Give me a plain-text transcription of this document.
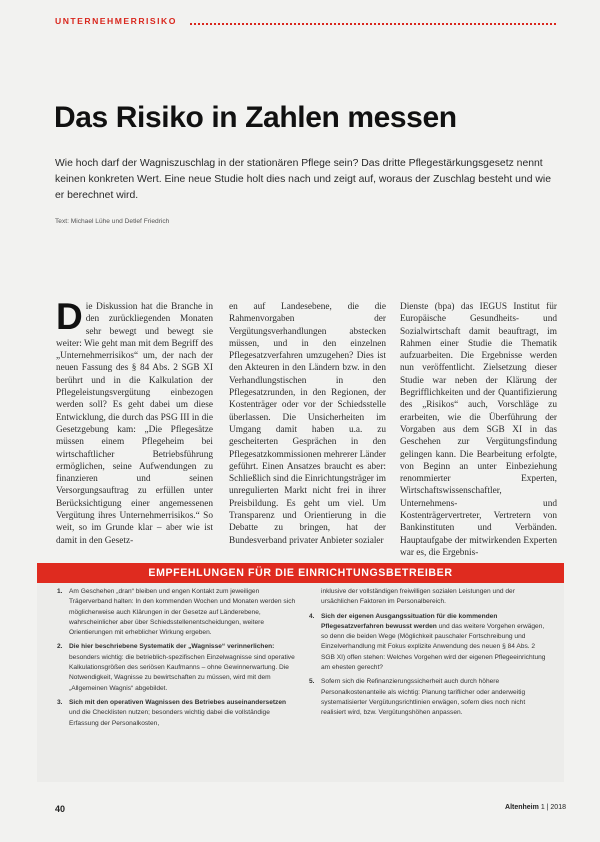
UNTERNEHMERRISIKO
Das Risiko in Zahlen messen

Wie hoch darf der Wagniszuschlag in der stationären Pflege sein? Das dritte Pflegestärkungsgesetz nennt keinen konkreten Wert. Eine neue Studie holt dies nach und zeigt auf, woraus der Zuschlag besteht und wie er berechnet wird.

Text: Michael Lühe und Detlef Friedrich

Die Diskussion hat die Branche in den zurückliegenden Monaten sehr bewegt und bewegt sie weiter: Wie geht man mit dem Begriff des „Unternehmerrisikos“ um, der nach der neuen Fassung des § 84 Abs. 2 SGB XI berührt und in die Kalkulation der Pflegeleistungsvergütung einbezogen werden soll? Es geht dabei um diese Entwicklung, die durch das PSG III in die Gesetzgebung kam: „Die Pflegesätze müssen einem Pflegeheim bei wirtschaftlicher Betriebsführung ermöglichen, seine Aufwendungen zu finanzieren und seinen Versorgungsauftrag zu erfüllen unter Berücksichtigung einer angemessenen Vergütung ihres Unternehmerrisikos.“ So weit, so im Grunde klar – aber wie ist damit in den Gesetz-
en auf Landesebene, die die Rahmenvorgaben der Vergütungsverhandlungen abstecken müssen, und in den einzelnen Pflegesatzverfahren umzugehen? Dies ist den Akteuren in den Ländern bzw. in den Verhandlungstischen in den Pflegesatzrunden, in den Regionen, der Kostenträger oder vor der Schiedsstelle überlassen. Die Unsicherheiten im Umgang damit haben u.a. zu gescheiterten Gesprächen in den Pflegesatzkommissionen mehrerer Länder geführt. Einen Ansatzes braucht es aber: Schließlich sind die Einrichtungsträger im unregulierten Markt nicht frei in ihrer Preisbildung. Es geht um viel. Um Transparenz und Orientierung in die Debatte zu bringen, hat der Bundesverband privater Anbieter sozialer
Dienste (bpa) das IEGUS Institut für Europäische Gesundheits- und Sozialwirtschaft damit beauftragt, im Rahmen einer Studie die Thematik aufzuarbeiten. Die Ergebnisse werden nun veröffentlicht. Zielsetzung dieser Studie war neben der Klärung der Begrifflichkeiten und der Quantifizierung des „Risikos“ auch, Vorschläge zu erarbeiten, wie die Überführung der Vorgaben aus dem SGB XI in das Geschehen zur Vergütungsfindung gelingen kann. Die Bearbeitung erfolgte, von Beginn an unter Einbeziehung renommierter Experten, Wirtschaftswissenschaftler, Unternehmens- und Kostenträgervertreter, Vertretern von Bankinstituten und Verbänden. Hauptaufgabe der mitwirkenden Experten war es, die Ergebnis-
EMPFEHLUNGEN FÜR DIE EINRICHTUNGSBETREIBER
1. Am Geschehen „dran“ bleiben und engen Kontakt zum jeweiligen Trägerverband halten: In den kommenden Wochen und Monaten werden sich möglicherweise auch Klärungen in der Gesetze auf Länderebene, wahrscheinlicher aber über Schiedsstellenentscheidungen, weitere Orientierungen mit erheblicher Wirkung ergeben.
2. Die hier beschriebene Systematik der „Wagnisse“ verinnerlichen: besonders wichtig: die betrieblich-spezifischen Einzelwagnisse sind operative Kalkulationsgrößen des seriösen Kaufmanns – ohne Gewinnerwartung. Die Notwendigkeit, Wagnisse zu bewirtschaften zu müssen, wird mit dem „Allgemeinen Wagnis“ abgebildet.
3. Sich mit den operativen Wagnissen des Betriebes auseinandersetzen und die Checklisten nutzen; besonders wichtig dabei die vollständige Erfassung der Personalkosten,
inklusive der vollständigen freiwilligen sozialen Leistungen und der ursächlichen Faktoren im Personalbereich.
4. Sich der eigenen Ausgangssituation für die kommenden Pflegesatzverfahren bewusst werden und das weitere Vorgehen erwägen, so denn die beiden Wege (Möglichkeit pauschaler Fortschreibung und Einzelverhandlung mit Fokus explizite Anwendung des neuen § 84 Abs. 2 SGB XI) offen stehen: Welches Vorgehen wird der eigenen Pflegeeinrichtung am ehesten gerecht?
5. Sofern sich die Refinanzierungssicherheit auch durch höhere Personalkostenanteile als wichtig: Planung tariflicher oder anderweitig systematisierter Vergütungsrichtlinien erwägen, sofern dies noch nicht realisiert wird, bzw. Vergütungshöhen anpassen.
40	Altenheim 1 | 2018
